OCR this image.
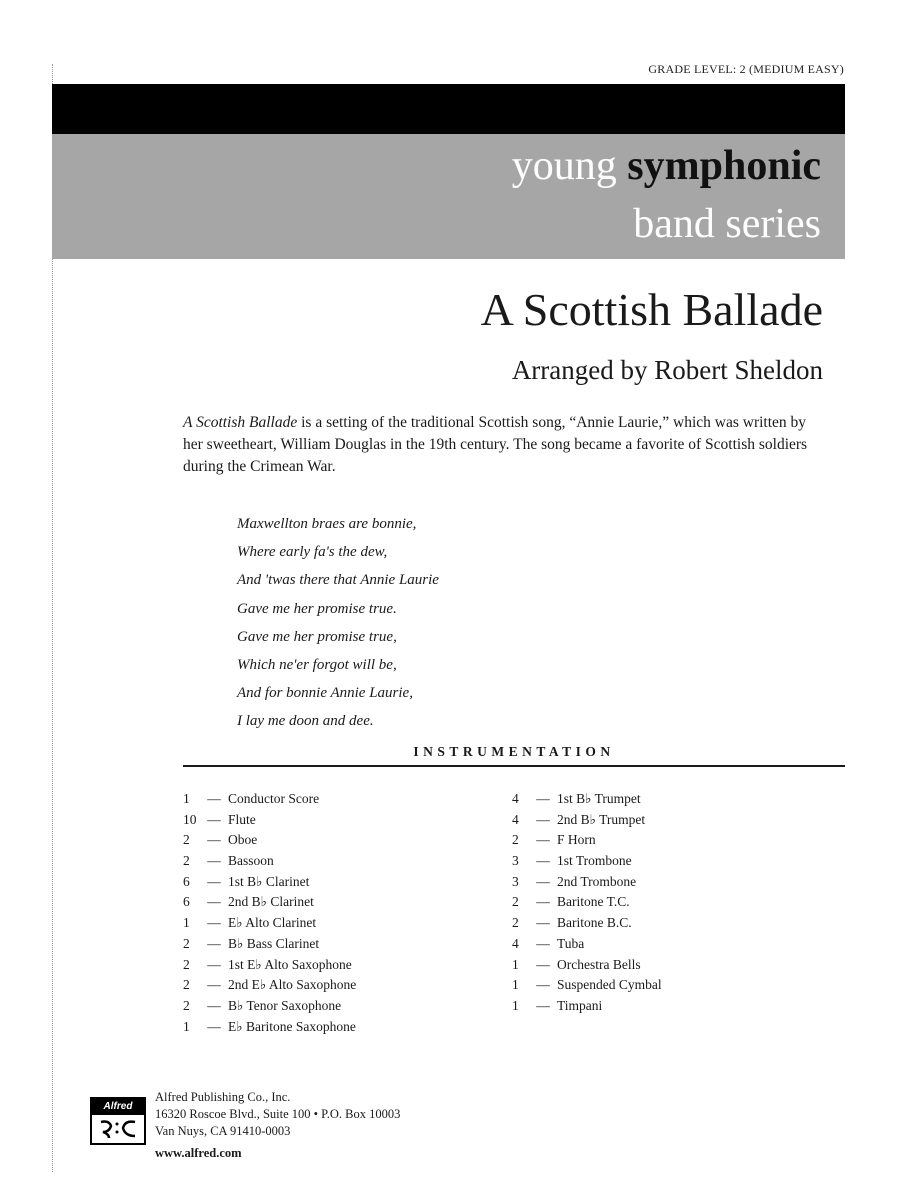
GRADE LEVEL: 2 (MEDIUM EASY)
young symphonic
band series
A Scottish Ballade
Arranged by Robert Sheldon
A Scottish Ballade is a setting of the traditional Scottish song, “Annie Laurie,” which was written by her sweetheart, William Douglas in the 19th century. The song became a favorite of Scottish soldiers during the Crimean War.
Maxwellton braes are bonnie,
Where early fa's the dew,
And 'twas there that Annie Laurie
Gave me her promise true.
Gave me her promise true,
Which ne'er forgot will be,
And for bonnie Annie Laurie,
I lay me doon and dee.
INSTRUMENTATION
1 — Conductor Score
10 — Flute
2 — Oboe
2 — Bassoon
6 — 1st B♭ Clarinet
6 — 2nd B♭ Clarinet
1 — E♭ Alto Clarinet
2 — B♭ Bass Clarinet
2 — 1st E♭ Alto Saxophone
2 — 2nd E♭ Alto Saxophone
2 — B♭ Tenor Saxophone
1 — E♭ Baritone Saxophone
4 — 1st B♭ Trumpet
4 — 2nd B♭ Trumpet
2 — F Horn
3 — 1st Trombone
3 — 2nd Trombone
2 — Baritone T.C.
2 — Baritone B.C.
4 — Tuba
1 — Orchestra Bells
1 — Suspended Cymbal
1 — Timpani
Alfred
Alfred Publishing Co., Inc.
16320 Roscoe Blvd., Suite 100 • P.O. Box 10003
Van Nuys, CA 91410-0003
www.alfred.com
